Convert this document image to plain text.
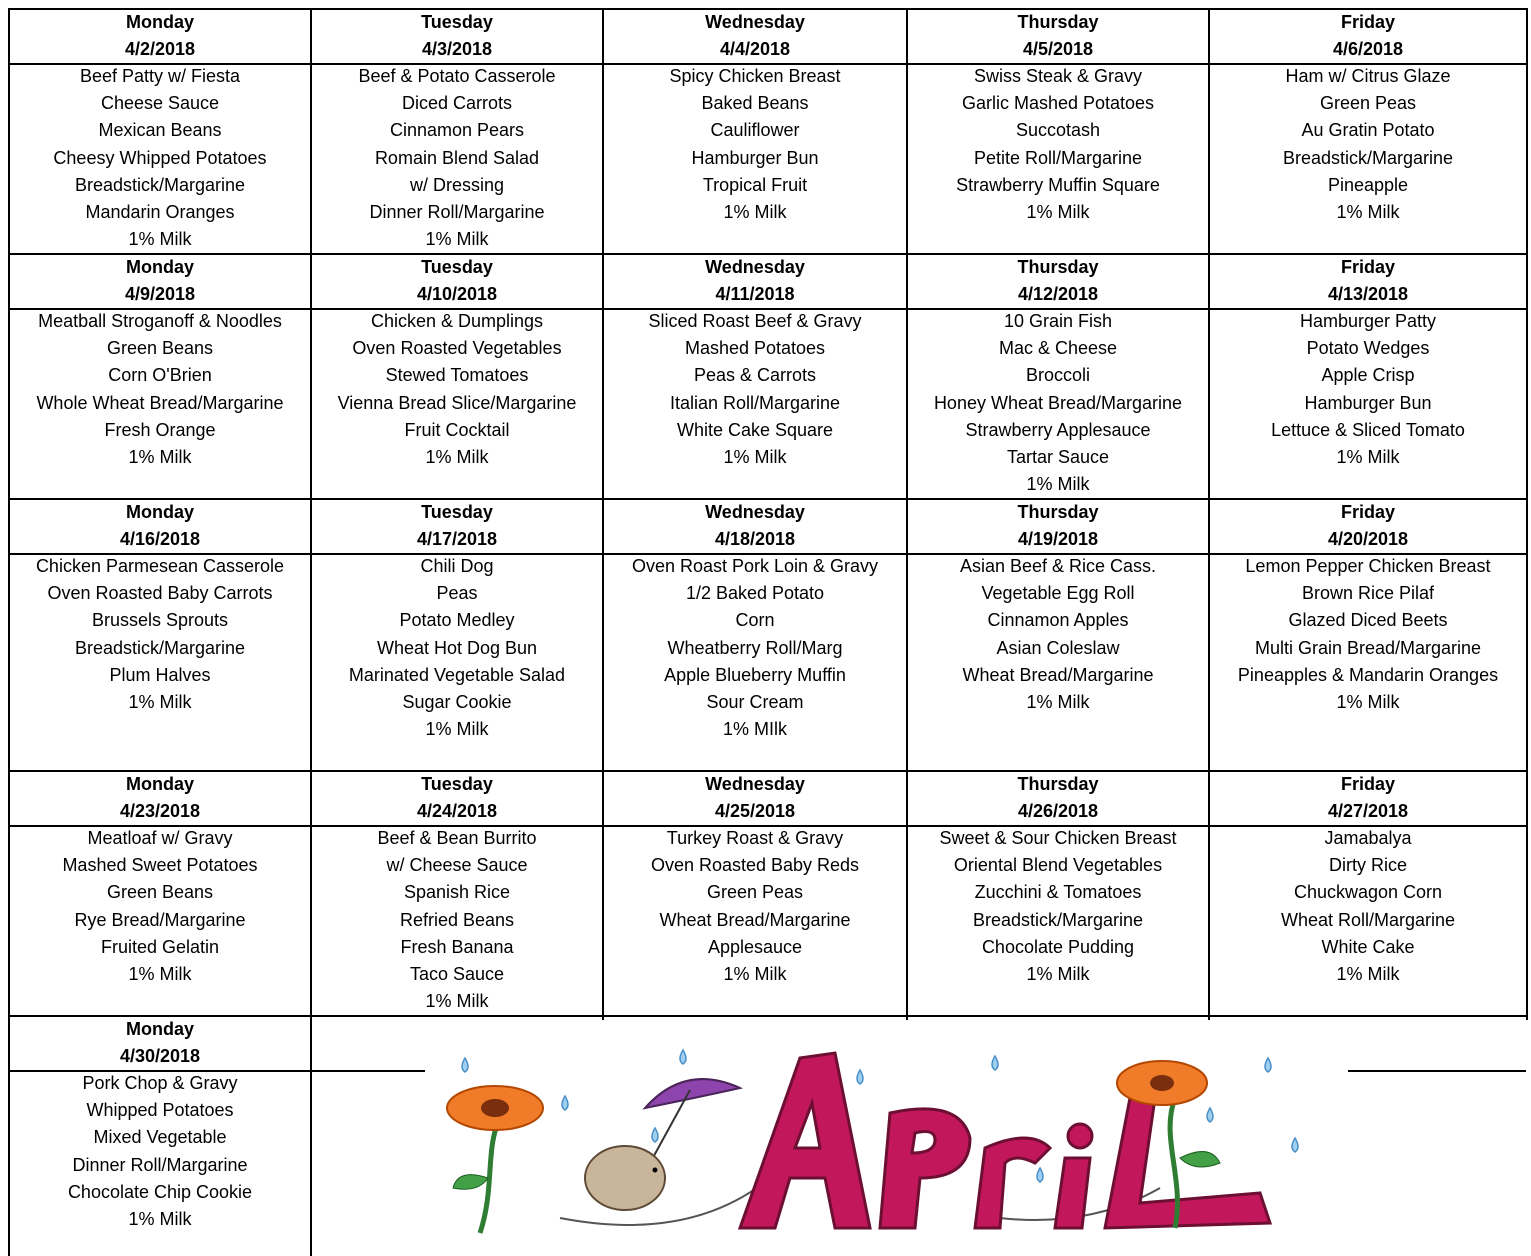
Monday
4/2/2018
Tuesday
4/3/2018
Wednesday
4/4/2018
Thursday
4/5/2018
Friday
4/6/2018
Beef Patty w/ Fiesta
Cheese Sauce
Mexican Beans
Cheesy Whipped Potatoes
Breadstick/Margarine
Mandarin Oranges
1% Milk
Beef & Potato Casserole
Diced Carrots
Cinnamon Pears
Romain Blend Salad
w/ Dressing
Dinner Roll/Margarine
1% Milk
Spicy Chicken Breast
Baked Beans
Cauliflower
Hamburger Bun
Tropical Fruit
1% Milk
Swiss Steak & Gravy
Garlic Mashed Potatoes
Succotash
Petite Roll/Margarine
Strawberry Muffin Square
1% Milk
Ham w/ Citrus Glaze
Green Peas
Au Gratin Potato
Breadstick/Margarine
Pineapple
1% Milk
Monday
4/9/2018
Tuesday
4/10/2018
Wednesday
4/11/2018
Thursday
4/12/2018
Friday
4/13/2018
Meatball Stroganoff & Noodles
Green Beans
Corn O'Brien
Whole Wheat Bread/Margarine
Fresh Orange
1% Milk
Chicken & Dumplings
Oven Roasted Vegetables
Stewed Tomatoes
Vienna Bread Slice/Margarine
Fruit Cocktail
1% Milk
Sliced Roast Beef & Gravy
Mashed Potatoes
Peas & Carrots
Italian Roll/Margarine
White Cake Square
1% Milk
10 Grain Fish
Mac & Cheese
Broccoli
Honey Wheat Bread/Margarine
Strawberry Applesauce
Tartar Sauce
1% Milk
Hamburger Patty
Potato Wedges
Apple Crisp
Hamburger Bun
Lettuce & Sliced Tomato
1% Milk
Monday
4/16/2018
Tuesday
4/17/2018
Wednesday
4/18/2018
Thursday
4/19/2018
Friday
4/20/2018
Chicken Parmesean Casserole
Oven Roasted Baby Carrots
Brussels Sprouts
Breadstick/Margarine
Plum Halves
1% Milk
Chili Dog
Peas
Potato Medley
Wheat Hot Dog Bun
Marinated Vegetable Salad
Sugar Cookie
1% Milk
Oven Roast Pork Loin & Gravy
1/2 Baked Potato
Corn
Wheatberry Roll/Marg
Apple Blueberry Muffin
Sour Cream
1% MIlk
Asian Beef & Rice Cass.
Vegetable Egg Roll
Cinnamon Apples
Asian Coleslaw
Wheat Bread/Margarine
1% Milk
Lemon Pepper Chicken Breast
Brown Rice Pilaf
Glazed Diced Beets
Multi Grain Bread/Margarine
Pineapples & Mandarin Oranges
1% Milk
Monday
4/23/2018
Tuesday
4/24/2018
Wednesday
4/25/2018
Thursday
4/26/2018
Friday
4/27/2018
Meatloaf w/ Gravy
Mashed Sweet Potatoes
Green Beans
Rye Bread/Margarine
Fruited Gelatin
1% Milk
Beef & Bean Burrito
w/ Cheese Sauce
Spanish Rice
Refried Beans
Fresh Banana
Taco Sauce
1% Milk
Turkey Roast & Gravy
Oven Roasted Baby Reds
Green Peas
Wheat Bread/Margarine
Applesauce
1% Milk
Sweet & Sour Chicken Breast
Oriental Blend Vegetables
Zucchini & Tomatoes
Breadstick/Margarine
Chocolate Pudding
1% Milk
Jamabalya
Dirty Rice
Chuckwagon Corn
Wheat Roll/Margarine
White Cake
1% Milk
Monday
4/30/2018
Pork Chop & Gravy
Whipped Potatoes
Mixed Vegetable
Dinner Roll/Margarine
Chocolate Chip Cookie
1% Milk
